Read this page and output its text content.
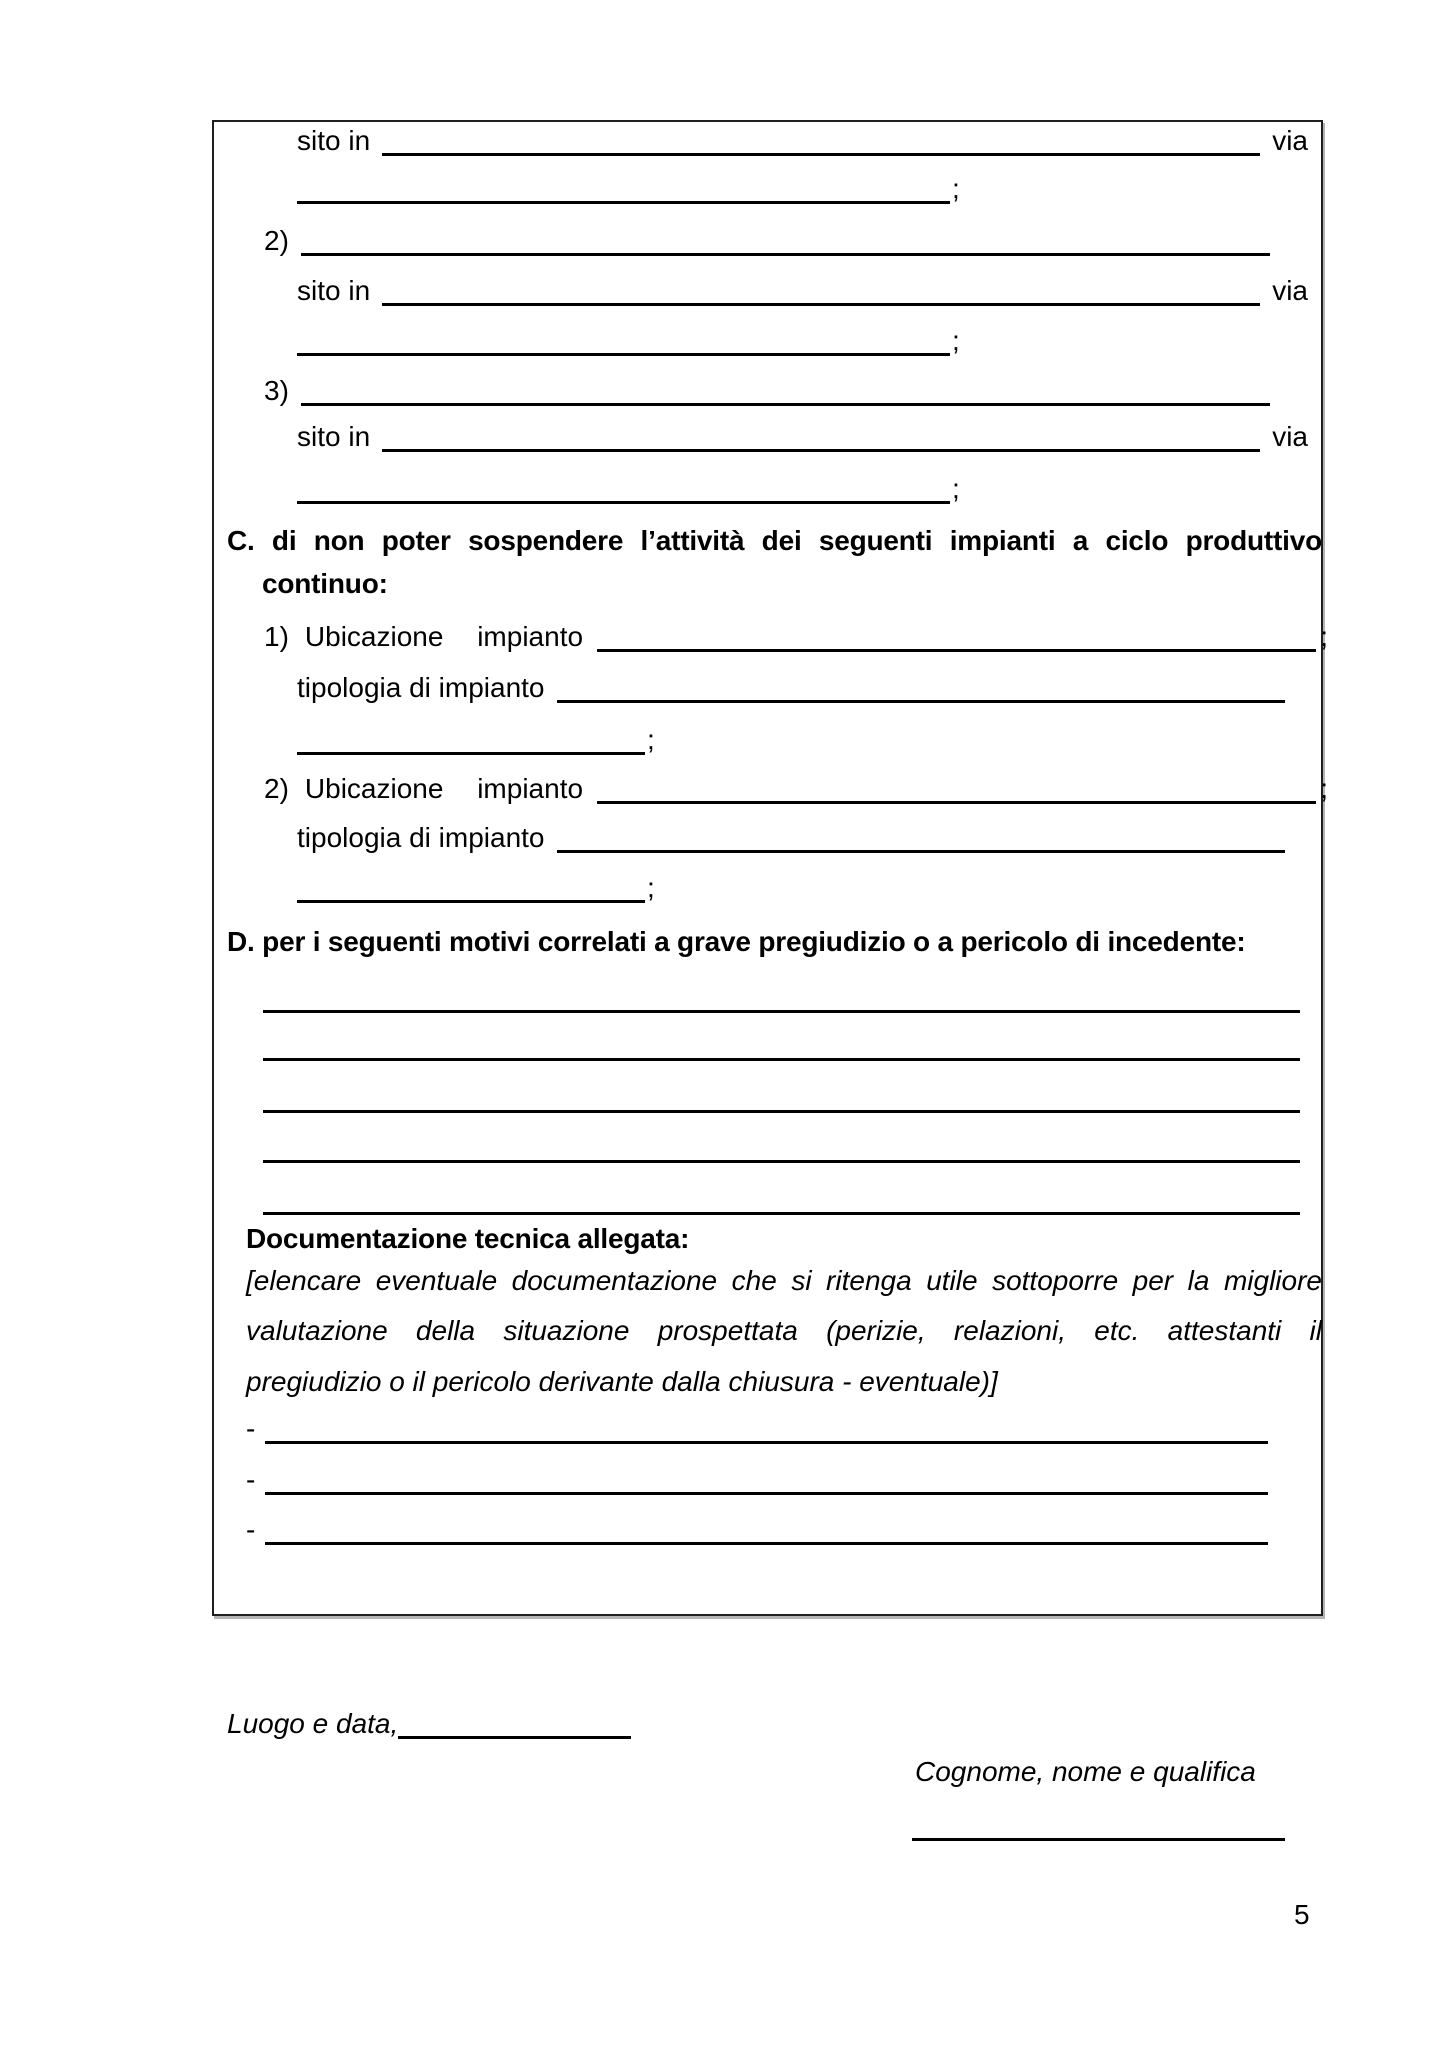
sito in	via
;
2)
sito in	via
;
3)
sito in	via
;
C. di non poter sospendere l’attività dei seguenti impianti a ciclo produttivo
continuo:
1) Ubicazione impianto	;
tipologia di impianto
;
2) Ubicazione impianto	;
tipologia di impianto
;
D. per i seguenti motivi correlati a grave pregiudizio o a pericolo di incedente:
Documentazione tecnica allegata:
[elencare eventuale documentazione che si ritenga utile sottoporre per la migliore
valutazione della situazione prospettata (perizie, relazioni, etc. attestanti il
pregiudizio o il pericolo derivante dalla chiusura - eventuale)]
-
-
-
Luogo e data,
Cognome, nome e qualifica
5
